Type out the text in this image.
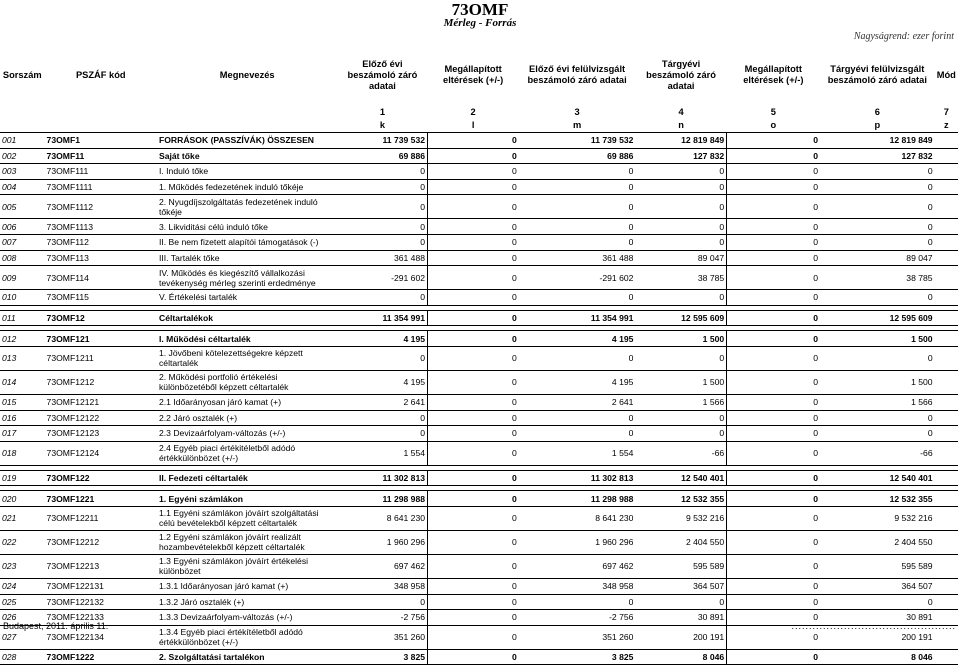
73OMF
Mérleg - Forrás
Nagyságrend: ezer forint
Sorszám	PSZÁF kód	Megnevezés	Előző évi beszámoló záró adatai	Megállapított eltérések (+/-)	Előző évi felülvizsgált beszámoló záró adatai	Tárgyévi beszámoló záró adatai	Megállapított eltérések (+/-)	Tárgyévi felülvizsgált beszámoló záró adatai	Mód
			1	2	3	4	5	6	7
			k	l	m	n	o	p	z
001	73OMF1	FORRÁSOK (PASSZÍVÁK) ÖSSZESEN	11 739 532	0	11 739 532	12 819 849	0	12 819 849	
002	73OMF11	Saját tőke	69 886	0	69 886	127 832	0	127 832	
003	73OMF111	I. Induló tőke	0	0	0	0	0	0	
004	73OMF1111	1. Működés fedezetének induló tőkéje	0	0	0	0	0	0	
005	73OMF1112	2. Nyugdíjszolgáltatás fedezetének induló tőkéje	0	0	0	0	0	0	
006	73OMF1113	3. Likviditási célú induló tőke	0	0	0	0	0	0	
007	73OMF112	II. Be nem fizetett alapítói támogatások (-)	0	0	0	0	0	0	
008	73OMF113	III. Tartalék tőke	361 488	0	361 488	89 047	0	89 047	
009	73OMF114	IV. Működés és kiegészítő vállalkozási tevékenység mérleg szerinti erdedménye	-291 602	0	-291 602	38 785	0	38 785	
010	73OMF115	V. Értékelési tartalék	0	0	0	0	0	0	

011	73OMF12	Céltartalékok	11 354 991	0	11 354 991	12 595 609	0	12 595 609	

012	73OMF121	I. Működési céltartalék	4 195	0	4 195	1 500	0	1 500	
013	73OMF1211	1. Jövőbeni kötelezettségekre képzett céltartalék	0	0	0	0	0	0	
014	73OMF1212	2. Működési portfolió értékelési különbözetéből képzett céltartalék	4 195	0	4 195	1 500	0	1 500	
015	73OMF12121	2.1 Időarányosan járó kamat (+)	2 641	0	2 641	1 566	0	1 566	
016	73OMF12122	2.2 Járó osztalék (+)	0	0	0	0	0	0	
017	73OMF12123	2.3 Devizaárfolyam-változás (+/-)	0	0	0	0	0	0	
018	73OMF12124	2.4 Egyéb piaci értékitéletből adódó értékkülönbözet (+/-)	1 554	0	1 554	-66	0	-66	

019	73OMF122	II. Fedezeti céltartalék	11 302 813	0	11 302 813	12 540 401	0	12 540 401	

020	73OMF1221	1. Egyéni számlákon	11 298 988	0	11 298 988	12 532 355	0	12 532 355	
021	73OMF12211	1.1 Egyéni számlákon jóváírt szolgáltatási célú bevételekből képzett céltartalék	8 641 230	0	8 641 230	9 532 216	0	9 532 216	
022	73OMF12212	1.2 Egyéni számlákon jóváírt realizált hozambevételekből képzett céltartalék	1 960 296	0	1 960 296	2 404 550	0	2 404 550	
023	73OMF12213	1.3 Egyéni számlákon jóváírt értékelési különbözet	697 462	0	697 462	595 589	0	595 589	
024	73OMF122131	1.3.1 Időarányosan járó kamat (+)	348 958	0	348 958	364 507	0	364 507	
025	73OMF122132	1.3.2 Járó osztalék (+)	0	0	0	0	0	0	
026	73OMF122133	1.3.3 Devizaárfolyam-változás (+/-)	-2 756	0	-2 756	30 891	0	30 891	
027	73OMF122134	1.3.4 Egyéb piaci értékítéletből adódó értékkülönbözet (+/-)	351 260	0	351 260	200 191	0	200 191	
028	73OMF1222	2. Szolgáltatási tartalékon	3 825	0	3 825	8 046	0	8 046	
Budapest, 2011. április 11.	...............................................
